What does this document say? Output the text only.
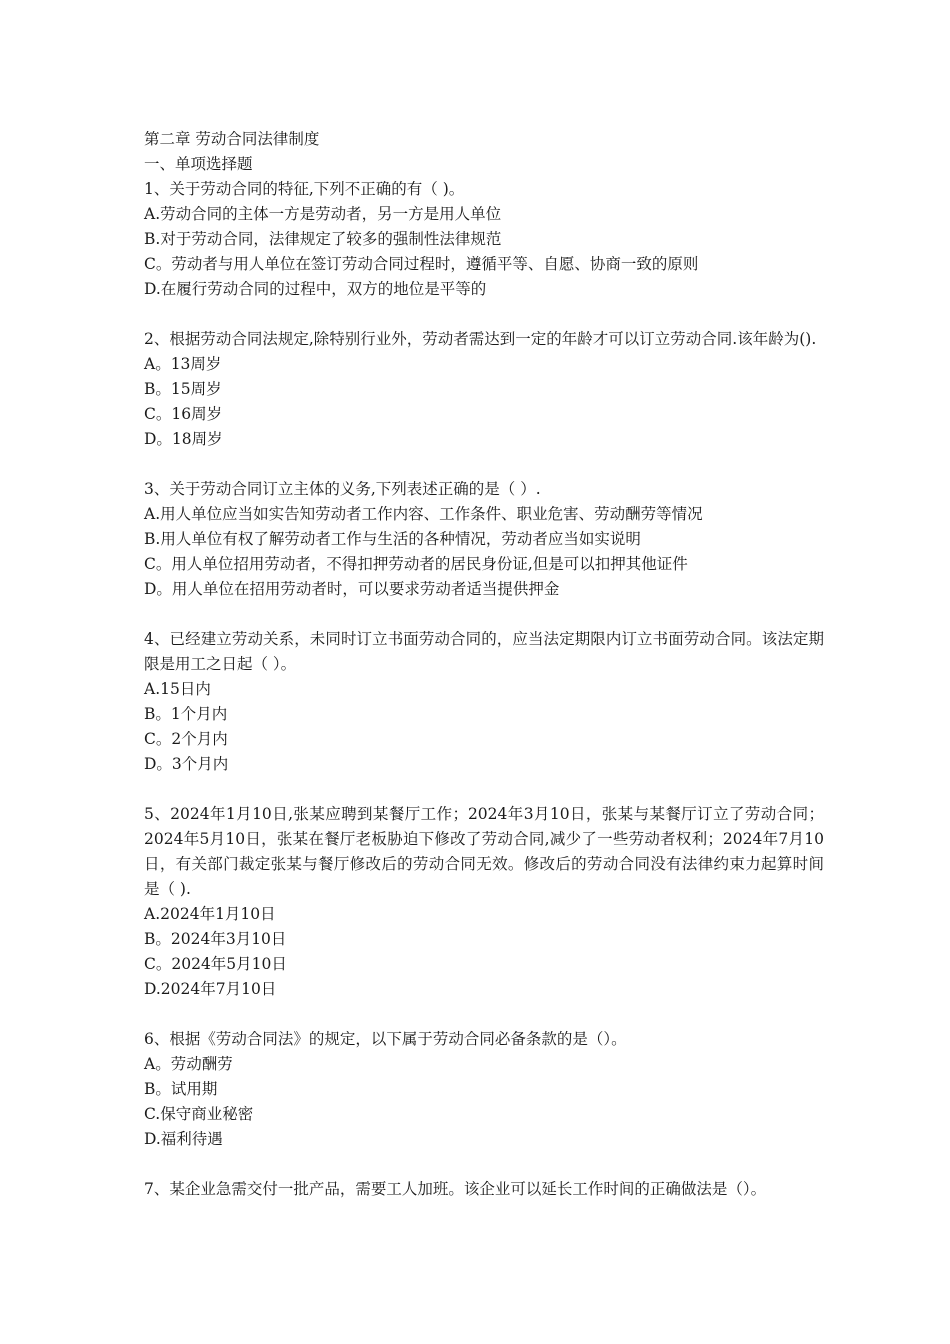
第二章 劳动合同法律制度
一、单项选择题
1、关于劳动合同的特征,下列不正确的有（ )。
A.劳动合同的主体一方是劳动者，另一方是用人单位
B.对于劳动合同，法律规定了较多的强制性法律规范
C。劳动者与用人单位在签订劳动合同过程时，遵循平等、自愿、协商一致的原则
D.在履行劳动合同的过程中，双方的地位是平等的
2、根据劳动合同法规定,除特别行业外，劳动者需达到一定的年龄才可以订立劳动合同.该年龄为().
A。13周岁
B。15周岁
C。16周岁
D。18周岁
3、关于劳动合同订立主体的义务,下列表述正确的是（ ）.
A.用人单位应当如实告知劳动者工作内容、工作条件、职业危害、劳动酬劳等情况
B.用人单位有权了解劳动者工作与生活的各种情况，劳动者应当如实说明
C。用人单位招用劳动者，不得扣押劳动者的居民身份证,但是可以扣押其他证件
D。用人单位在招用劳动者时，可以要求劳动者适当提供押金
4、已经建立劳动关系，未同时订立书面劳动合同的，应当法定期限内订立书面劳动合同。该法定期限是用工之日起（ ）。
A.15日内
B。1个月内
C。2个月内
D。3个月内
5、2024年1月10日,张某应聘到某餐厅工作；2024年3月10日，张某与某餐厅订立了劳动合同；2024年5月10日，张某在餐厅老板胁迫下修改了劳动合同,减少了一些劳动者权利；2024年7月10日，有关部门裁定张某与餐厅修改后的劳动合同无效。修改后的劳动合同没有法律约束力起算时间是（ ).
A.2024年1月10日
B。2024年3月10日
C。2024年5月10日
D.2024年7月10日
6、根据《劳动合同法》的规定，以下属于劳动合同必备条款的是（）。
A。劳动酬劳
B。试用期
C.保守商业秘密
D.福利待遇
7、某企业急需交付一批产品，需要工人加班。该企业可以延长工作时间的正确做法是（）。
